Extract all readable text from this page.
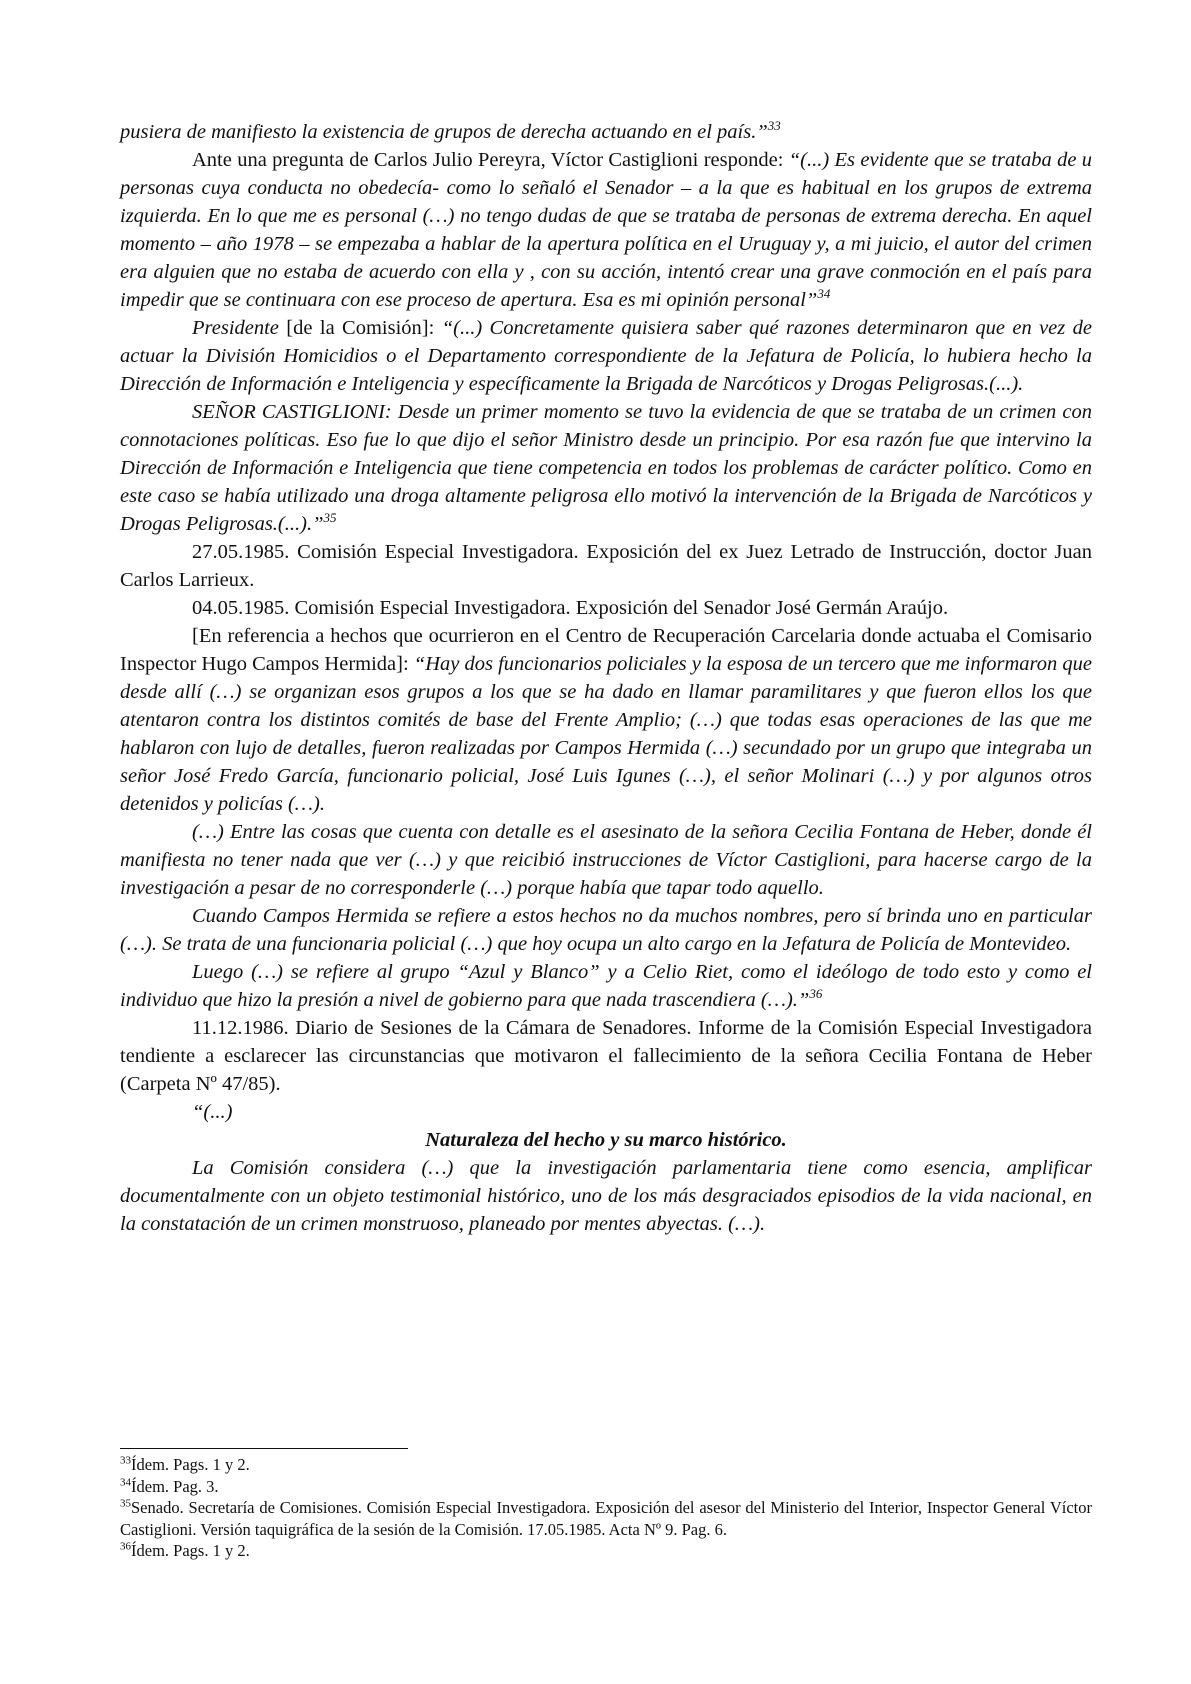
pusiera de manifiesto la existencia de grupos de derecha actuando en el país.”$^{33}$

Ante una pregunta de Carlos Julio Pereyra, Víctor Castiglioni responde: “(...) Es evidente que se trataba de u personas cuya conducta no obedecía- como lo señaló el Senador – a la que es habitual en los grupos de extrema izquierda. En lo que me es personal (…) no tengo dudas de que se trataba de personas de extrema derecha. En aquel momento – año 1978 – se empezaba a hablar de la apertura política en el Uruguay y, a mi juicio, el autor del crimen era alguien que no estaba de acuerdo con ella y , con su acción, intentó crear una grave conmoción en el país para impedir que se continuara con ese proceso de apertura. Esa es mi opinión personal”$^{34}$

Presidente [de la Comisión]: “(...) Concretamente quisiera saber qué razones determinaron que en vez de actuar la División Homicidios o el Departamento correspondiente de la Jefatura de Policía, lo hubiera hecho la Dirección de Información e Inteligencia y específicamente la Brigada de Narcóticos y Drogas Peligrosas.(...).

SEÑOR CASTIGLIONI: Desde un primer momento se tuvo la evidencia de que se trataba de un crimen con connotaciones políticas. Eso fue lo que dijo el señor Ministro desde un principio. Por esa razón fue que intervino la Dirección de Información e Inteligencia que tiene competencia en todos los problemas de carácter político. Como en este caso se había utilizado una droga altamente peligrosa ello motivó la intervención de la Brigada de Narcóticos y Drogas Peligrosas.(...).”$^{35}$

27.05.1985. Comisión Especial Investigadora. Exposición del ex Juez Letrado de Instrucción, doctor Juan Carlos Larrieux.

04.05.1985. Comisión Especial Investigadora. Exposición del Senador José Germán Araújo.

[En referencia a hechos que ocurrieron en el Centro de Recuperación Carcelaria donde actuaba el Comisario Inspector Hugo Campos Hermida]: “Hay dos funcionarios policiales y la esposa de un tercero que me informaron que desde allí (…) se organizan esos grupos a los que se ha dado en llamar paramilitares y que fueron ellos los que atentaron contra los distintos comités de base del Frente Amplio; (…) que todas esas operaciones de las que me hablaron con lujo de detalles, fueron realizadas por Campos Hermida (…) secundado por un grupo que integraba un señor José Fredo García, funcionario policial, José Luis Igunes (…), el señor Molinari (…) y por algunos otros detenidos y policías (…).

(…) Entre las cosas que cuenta con detalle es el asesinato de la señora Cecilia Fontana de Heber, donde él manifiesta no tener nada que ver (…) y que reicibió instrucciones de Víctor Castiglioni, para hacerse cargo de la investigación a pesar de no corresponderle (…) porque había que tapar todo aquello.

Cuando Campos Hermida se refiere a estos hechos no da muchos nombres, pero sí brinda uno en particular (…). Se trata de una funcionaria policial (…) que hoy ocupa un alto cargo en la Jefatura de Policía de Montevideo.

Luego (…) se refiere al grupo “Azul y Blanco” y a Celio Riet, como el ideólogo de todo esto y como el individuo que hizo la presión a nivel de gobierno para que nada trascendiera (…).”$^{36}$

11.12.1986. Diario de Sesiones de la Cámara de Senadores. Informe de la Comisión Especial Investigadora tendiente a esclarecer las circunstancias que motivaron el fallecimiento de la señora Cecilia Fontana de Heber (Carpeta Nº 47/85).

“(...)

Naturaleza del hecho y su marco histórico.

La Comisión considera (…) que la investigación parlamentaria tiene como esencia, amplificar documentalmente con un objeto testimonial histórico, uno de los más desgraciados episodios de la vida nacional, en la constatación de un crimen monstruoso, planeado por mentes abyectas. (…).

$^{33}$Ídem. Pags. 1 y 2.

$^{34}$Ídem. Pag. 3.

$^{35}$Senado. Secretaría de Comisiones. Comisión Especial Investigadora. Exposición del asesor del Ministerio del Interior, Inspector General Víctor Castiglioni. Versión taquigráfica de la sesión de la Comisión. 17.05.1985. Acta Nº 9. Pag. 6.

$^{36}$Ídem. Pags. 1 y 2.
